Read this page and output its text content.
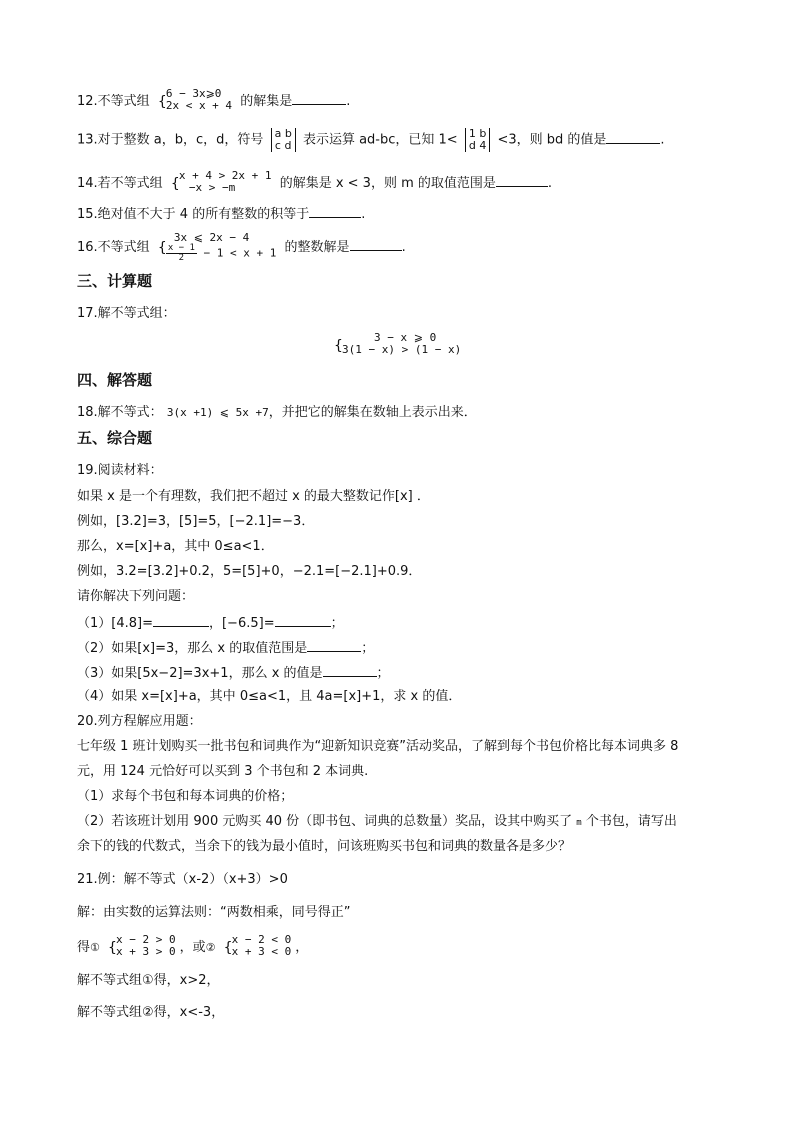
12.不等式组 { 6 − 3x⩾0
2x < x + 4 的解集是	.
13.对于整数 a，b，c，d，符号 a b
c d 表示运算 ad-bc，已知 1< 1 b
d 4 <3，则 bd 的值是	.
14.若不等式组 { x + 4 > 2x + 1
−x > −m	的解集是 x < 3，则 m 的取值范围是	.
15.绝对值不大于 4 的所有整数的积等于	.
16.不等式组 {
3x ⩽ 2x − 4
$\frac{x - 1}{2} - 1 < x + 1$ 的整数解是	.
三、计算题
17.解不等式组：
{	3 − x ⩾ 0
3(1 − x) > (1 − x)
四、解答题
18.解不等式： 3(x +1) ⩽ 5x +7，并把它的解集在数轴上表示出来．
五、综合题
19.阅读材料：
如果 x 是一个有理数，我们把不超过 x 的最大整数记作[x] ．
例如，[3.2]=3，[5]=5，[−2.1]=−3．
那么，x=[x]+a，其中 0≤a<1．
例如，3.2=[3.2]+0.2，5=[5]+0，−2.1=[−2.1]+0.9．
请你解决下列问题：
（1）[4.8]=	，[−6.5]=	；
（2）如果[x]=3，那么 x 的取值范围是	；
（3）如果[5x−2]=3x+1，那么 x 的值是	；
（4）如果 x=[x]+a，其中 0≤a<1，且 4a=[x]+1，求 x 的值．
20.列方程解应用题：
七年级 1 班计划购买一批书包和词典作为“迎新知识竞赛”活动奖品，了解到每个书包价格比每本词典多 8
元，用 124 元恰好可以买到 3 个书包和 2 本词典.
（1）求每个书包和每本词典的价格；
（2）若该班计划用 900 元购买 40 份（即书包、词典的总数量）奖品，设其中购买了 m 个书包，请写出
余下的钱的代数式，当余下的钱为最小值时，问该班购买书包和词典的数量各是多少？
21.例：解不等式（x-2）（x+3）>0
解：由实数的运算法则：“两数相乘，同号得正”
得① { x − 2 > 0
x + 3 > 0 ，或② { x − 2 < 0
x + 3 < 0 ，
解不等式组①得，x>2，
解不等式组②得，x<-3，
